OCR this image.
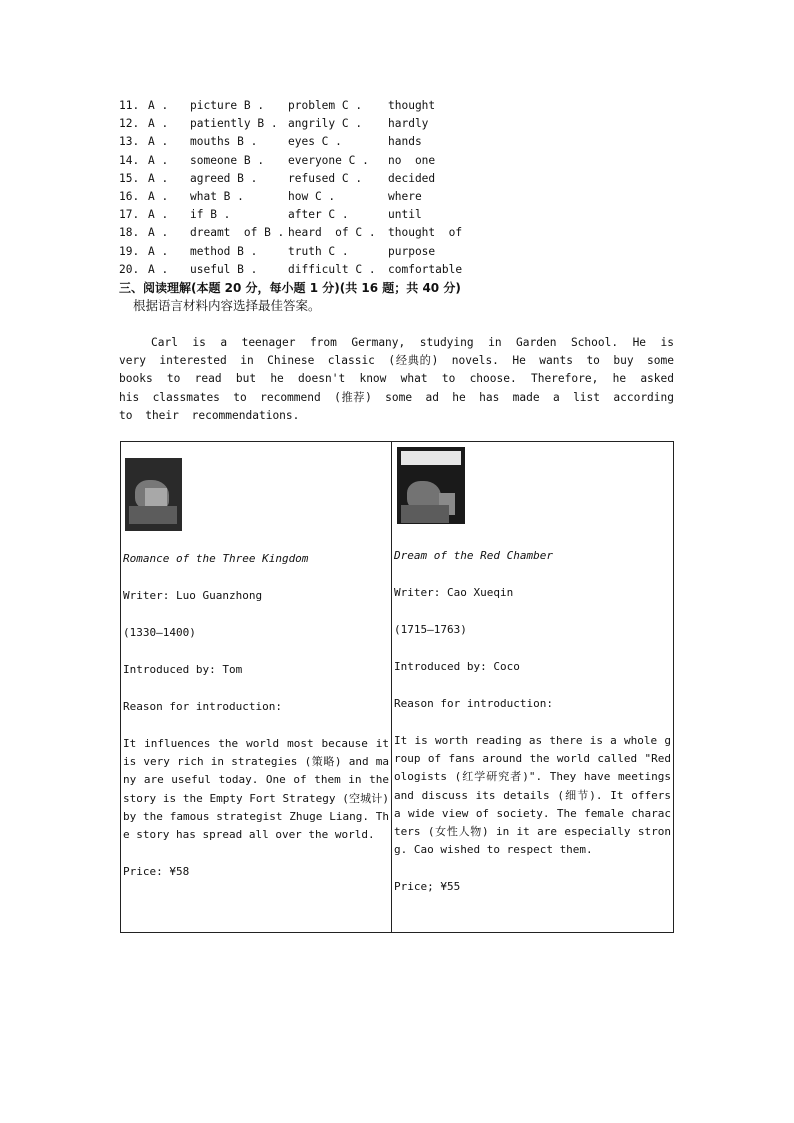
11. A . picture B . problem C . thought
12. A . patiently B . angrily C . hardly
13. A . mouths B .	eyes C .	hands
14. A . someone B . everyone C . no  one
15. A . agreed B .	refused C . decided
16. A . what B .	how C .	where
17. A . if B .	after C .	until
18. A . dreamt  of B . heard  of C . thought  of
19. A . method B .	truth C .	purpose
20. A . useful B .	difficult C . comfortable
三、阅读理解(本题 20 分，每小题 1 分)(共 16 题；共 40 分)
根据语言材料内容选择最佳答案。
Carl is a teenager from Germany, studying in Garden School. He is very interested in Chinese classic (经典的) novels. He wants to buy some books to read but he doesn't know what to choose. Therefore, he asked his classmates to recommend (推荐) some ad he has made a list according to their recommendations.
Romance of the Three Kingdom
Writer: Luo Guanzhong
(1330—1400)
Introduced by: Tom
Reason for introduction:
It influences the world most because it is very rich in strategies (策略) and many are useful today. One of them in the story is the Empty Fort Strategy (空城计) by the famous strategist Zhuge Liang. The story has spread all over the world.
Price: ¥58

Dream of the Red Chamber
Writer: Cao Xueqin
(1715—1763)
Introduced by: Coco
Reason for introduction:
It is worth reading as there is a whole group of fans around the world called "Redologists (红学研究者)". They have meetings and discuss its details (细节). It offers a wide view of society. The female characters (女性人物) in it are especially strong. Cao wished to respect them.
Price; ¥55
